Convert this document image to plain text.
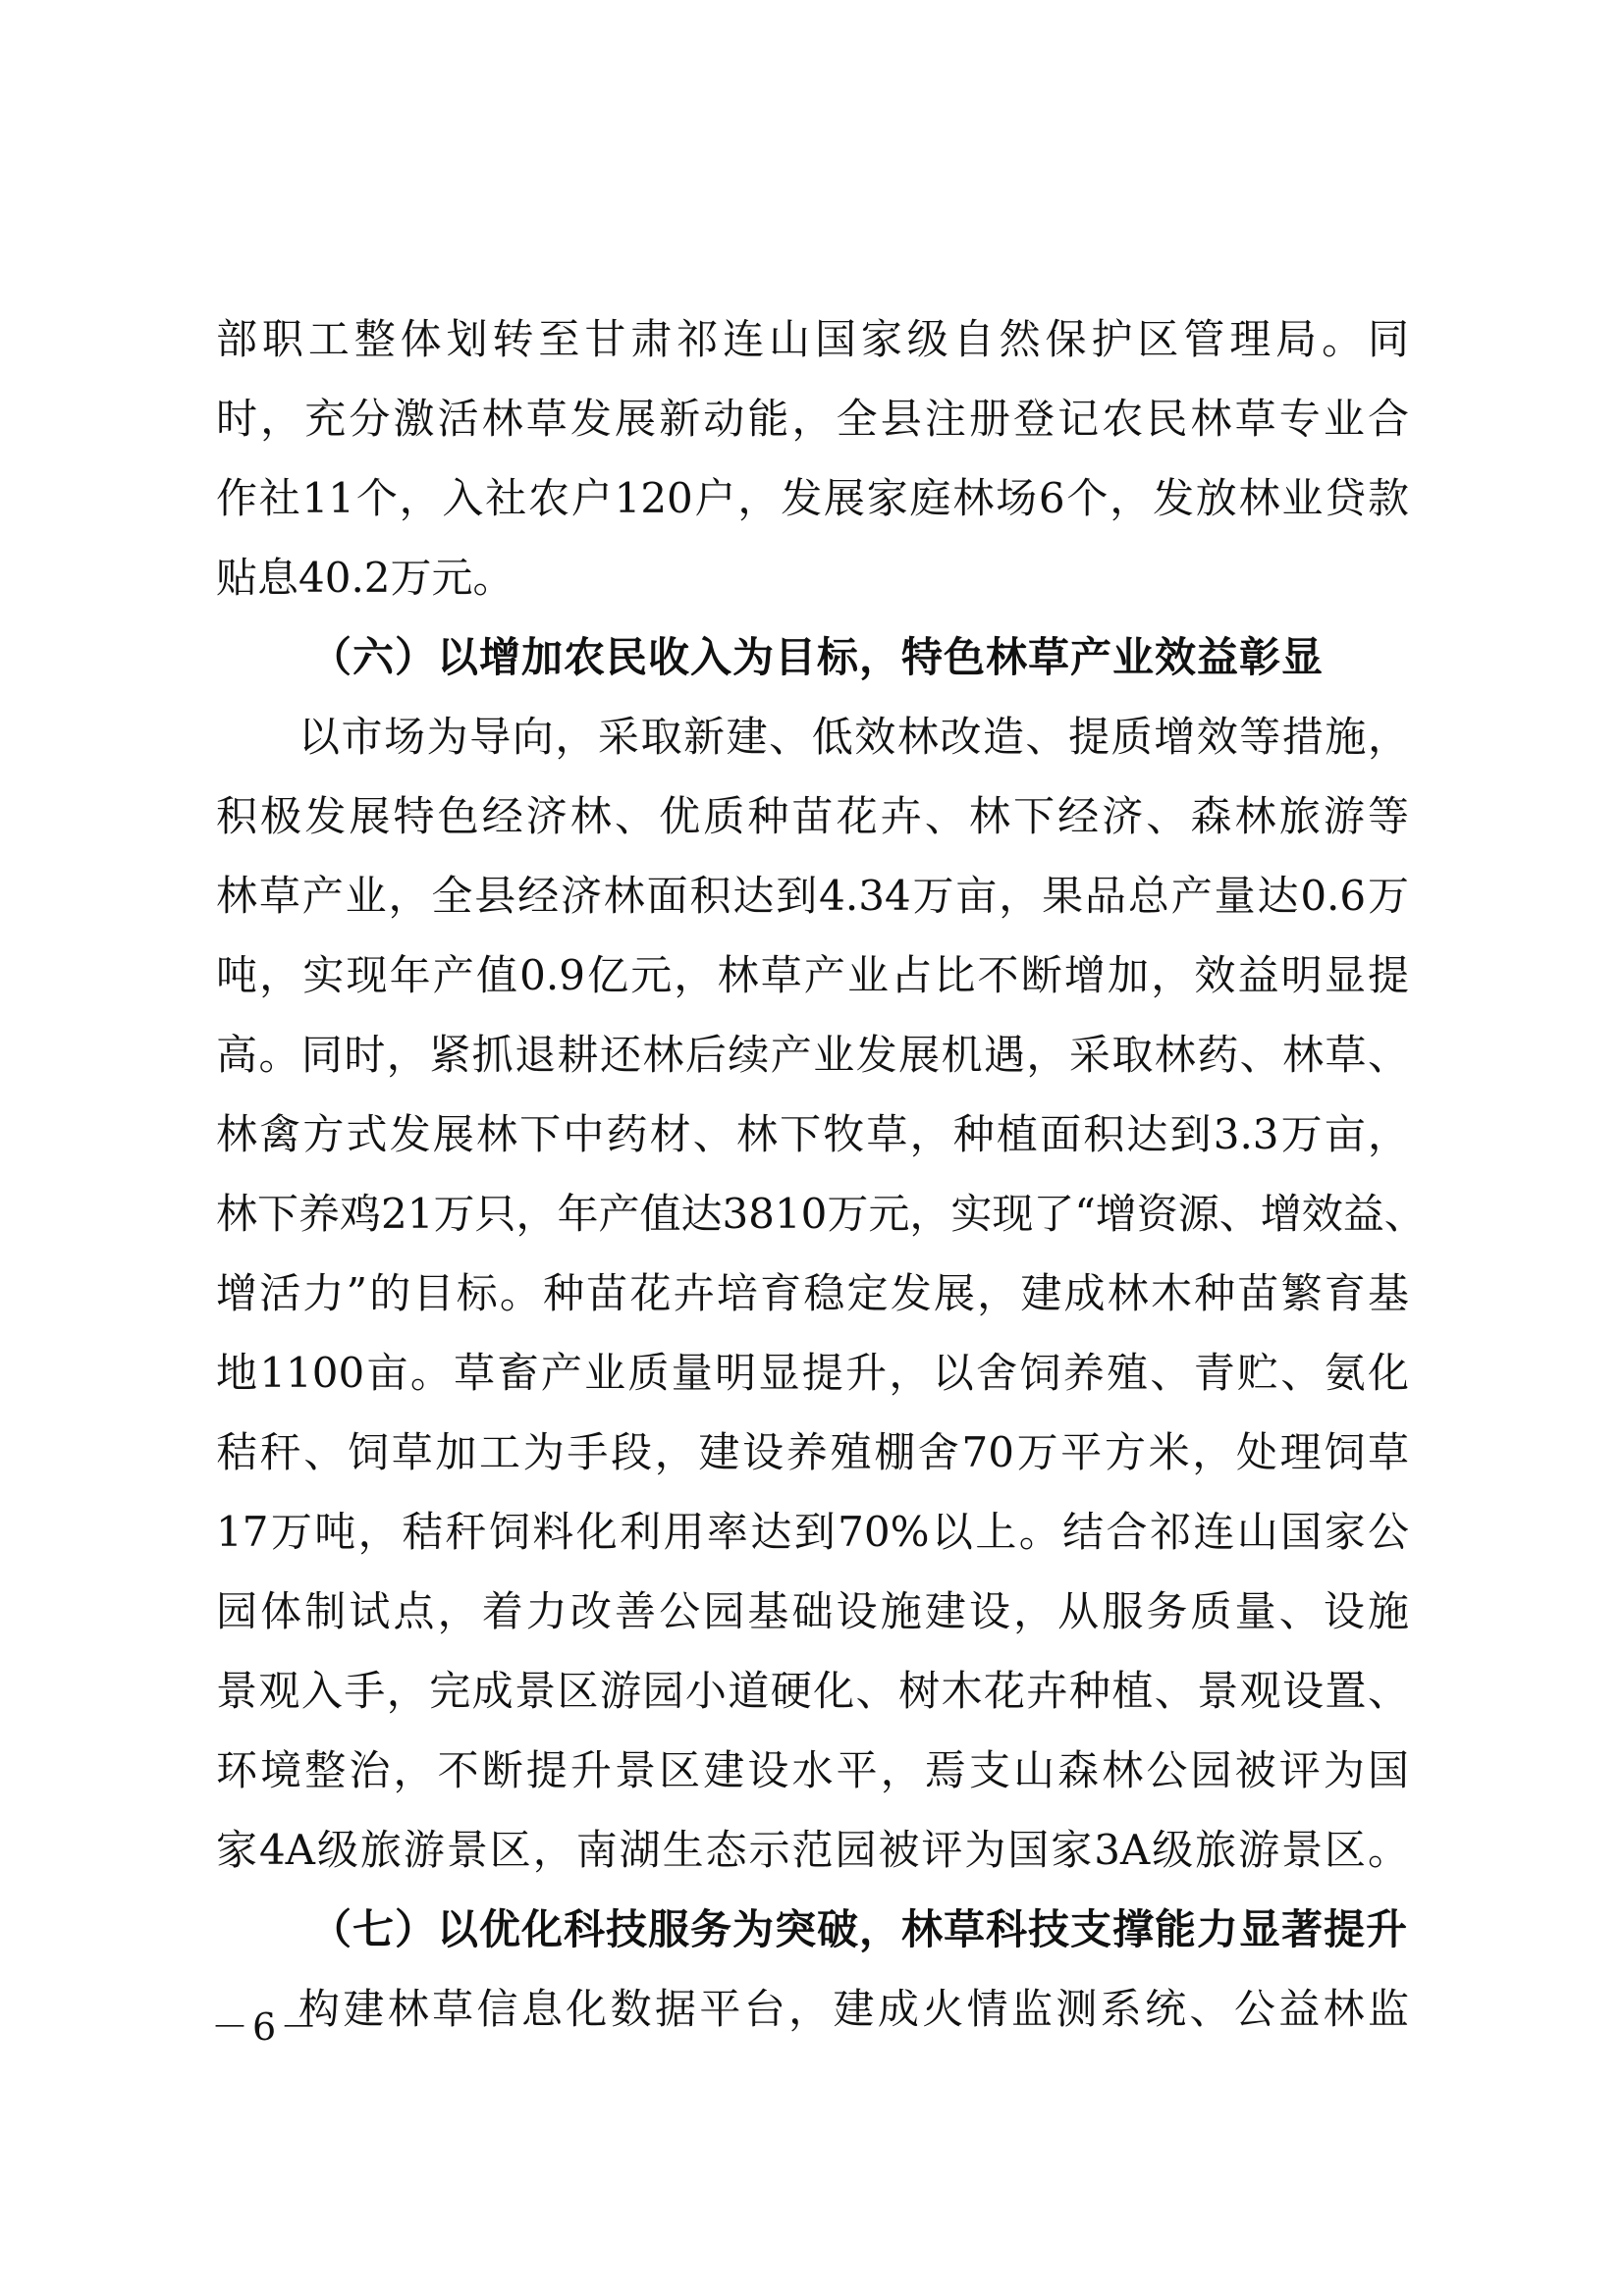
部职工整体划转至甘肃祁连山国家级自然保护区管理局。同
时，充分激活林草发展新动能，全县注册登记农民林草专业合
作社11个，入社农户120户，发展家庭林场6个，发放林业贷款
贴息40.2万元。
（六）以增加农民收入为目标，特色林草产业效益彰显
以市场为导向，采取新建、低效林改造、提质增效等措施，
积极发展特色经济林、优质种苗花卉、林下经济、森林旅游等
林草产业，全县经济林面积达到4.34万亩，果品总产量达0.6万
吨，实现年产值0.9亿元，林草产业占比不断增加，效益明显提
高。同时，紧抓退耕还林后续产业发展机遇，采取林药、林草、
林禽方式发展林下中药材、林下牧草，种植面积达到3.3万亩，
林下养鸡21万只，年产值达3810万元，实现了“增资源、增效益、
增活力”的目标。种苗花卉培育稳定发展，建成林木种苗繁育基
地1100亩。草畜产业质量明显提升，以舍饲养殖、青贮、氨化
秸秆、饲草加工为手段，建设养殖棚舍70万平方米，处理饲草
17万吨，秸秆饲料化利用率达到70%以上。结合祁连山国家公
园体制试点，着力改善公园基础设施建设，从服务质量、设施
景观入手，完成景区游园小道硬化、树木花卉种植、景观设置、
环境整治，不断提升景区建设水平，焉支山森林公园被评为国
家4A级旅游景区，南湖生态示范园被评为国家3A级旅游景区。
（七）以优化科技服务为突破，林草科技支撑能力显著提升
构建林草信息化数据平台，建成火情监测系统、公益林监
－6－
